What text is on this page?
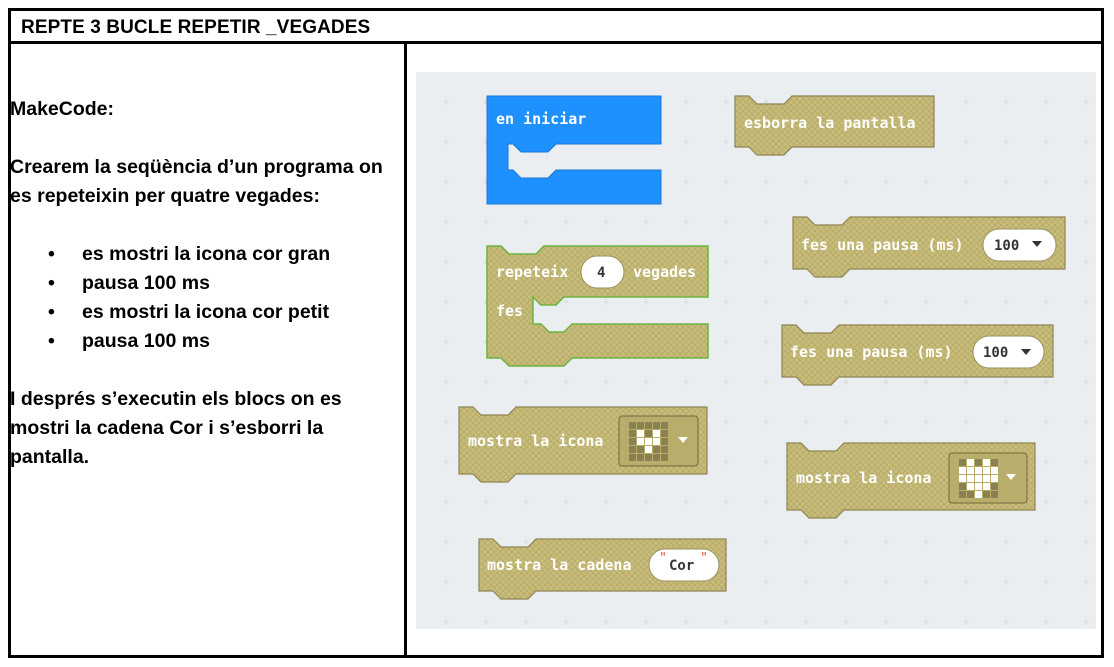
REPTE 3 BUCLE REPETIR _VEGADES

MakeCode:

Crearem la seqüència d’un programa on es repeteixin per quatre vegades:

• es mostri la icona cor gran
• pausa 100 ms
• es mostri la icona cor petit
• pausa 100 ms

I després s’executin els blocs on es mostri la cadena Cor i s’esborri la pantalla.

en iniciar	esborra la pantalla
fes una pausa (ms) 100
repeteix 4 vegades
fes
fes una pausa (ms) 100
mostra la icona
mostra la icona
mostra la cadena " Cor "
